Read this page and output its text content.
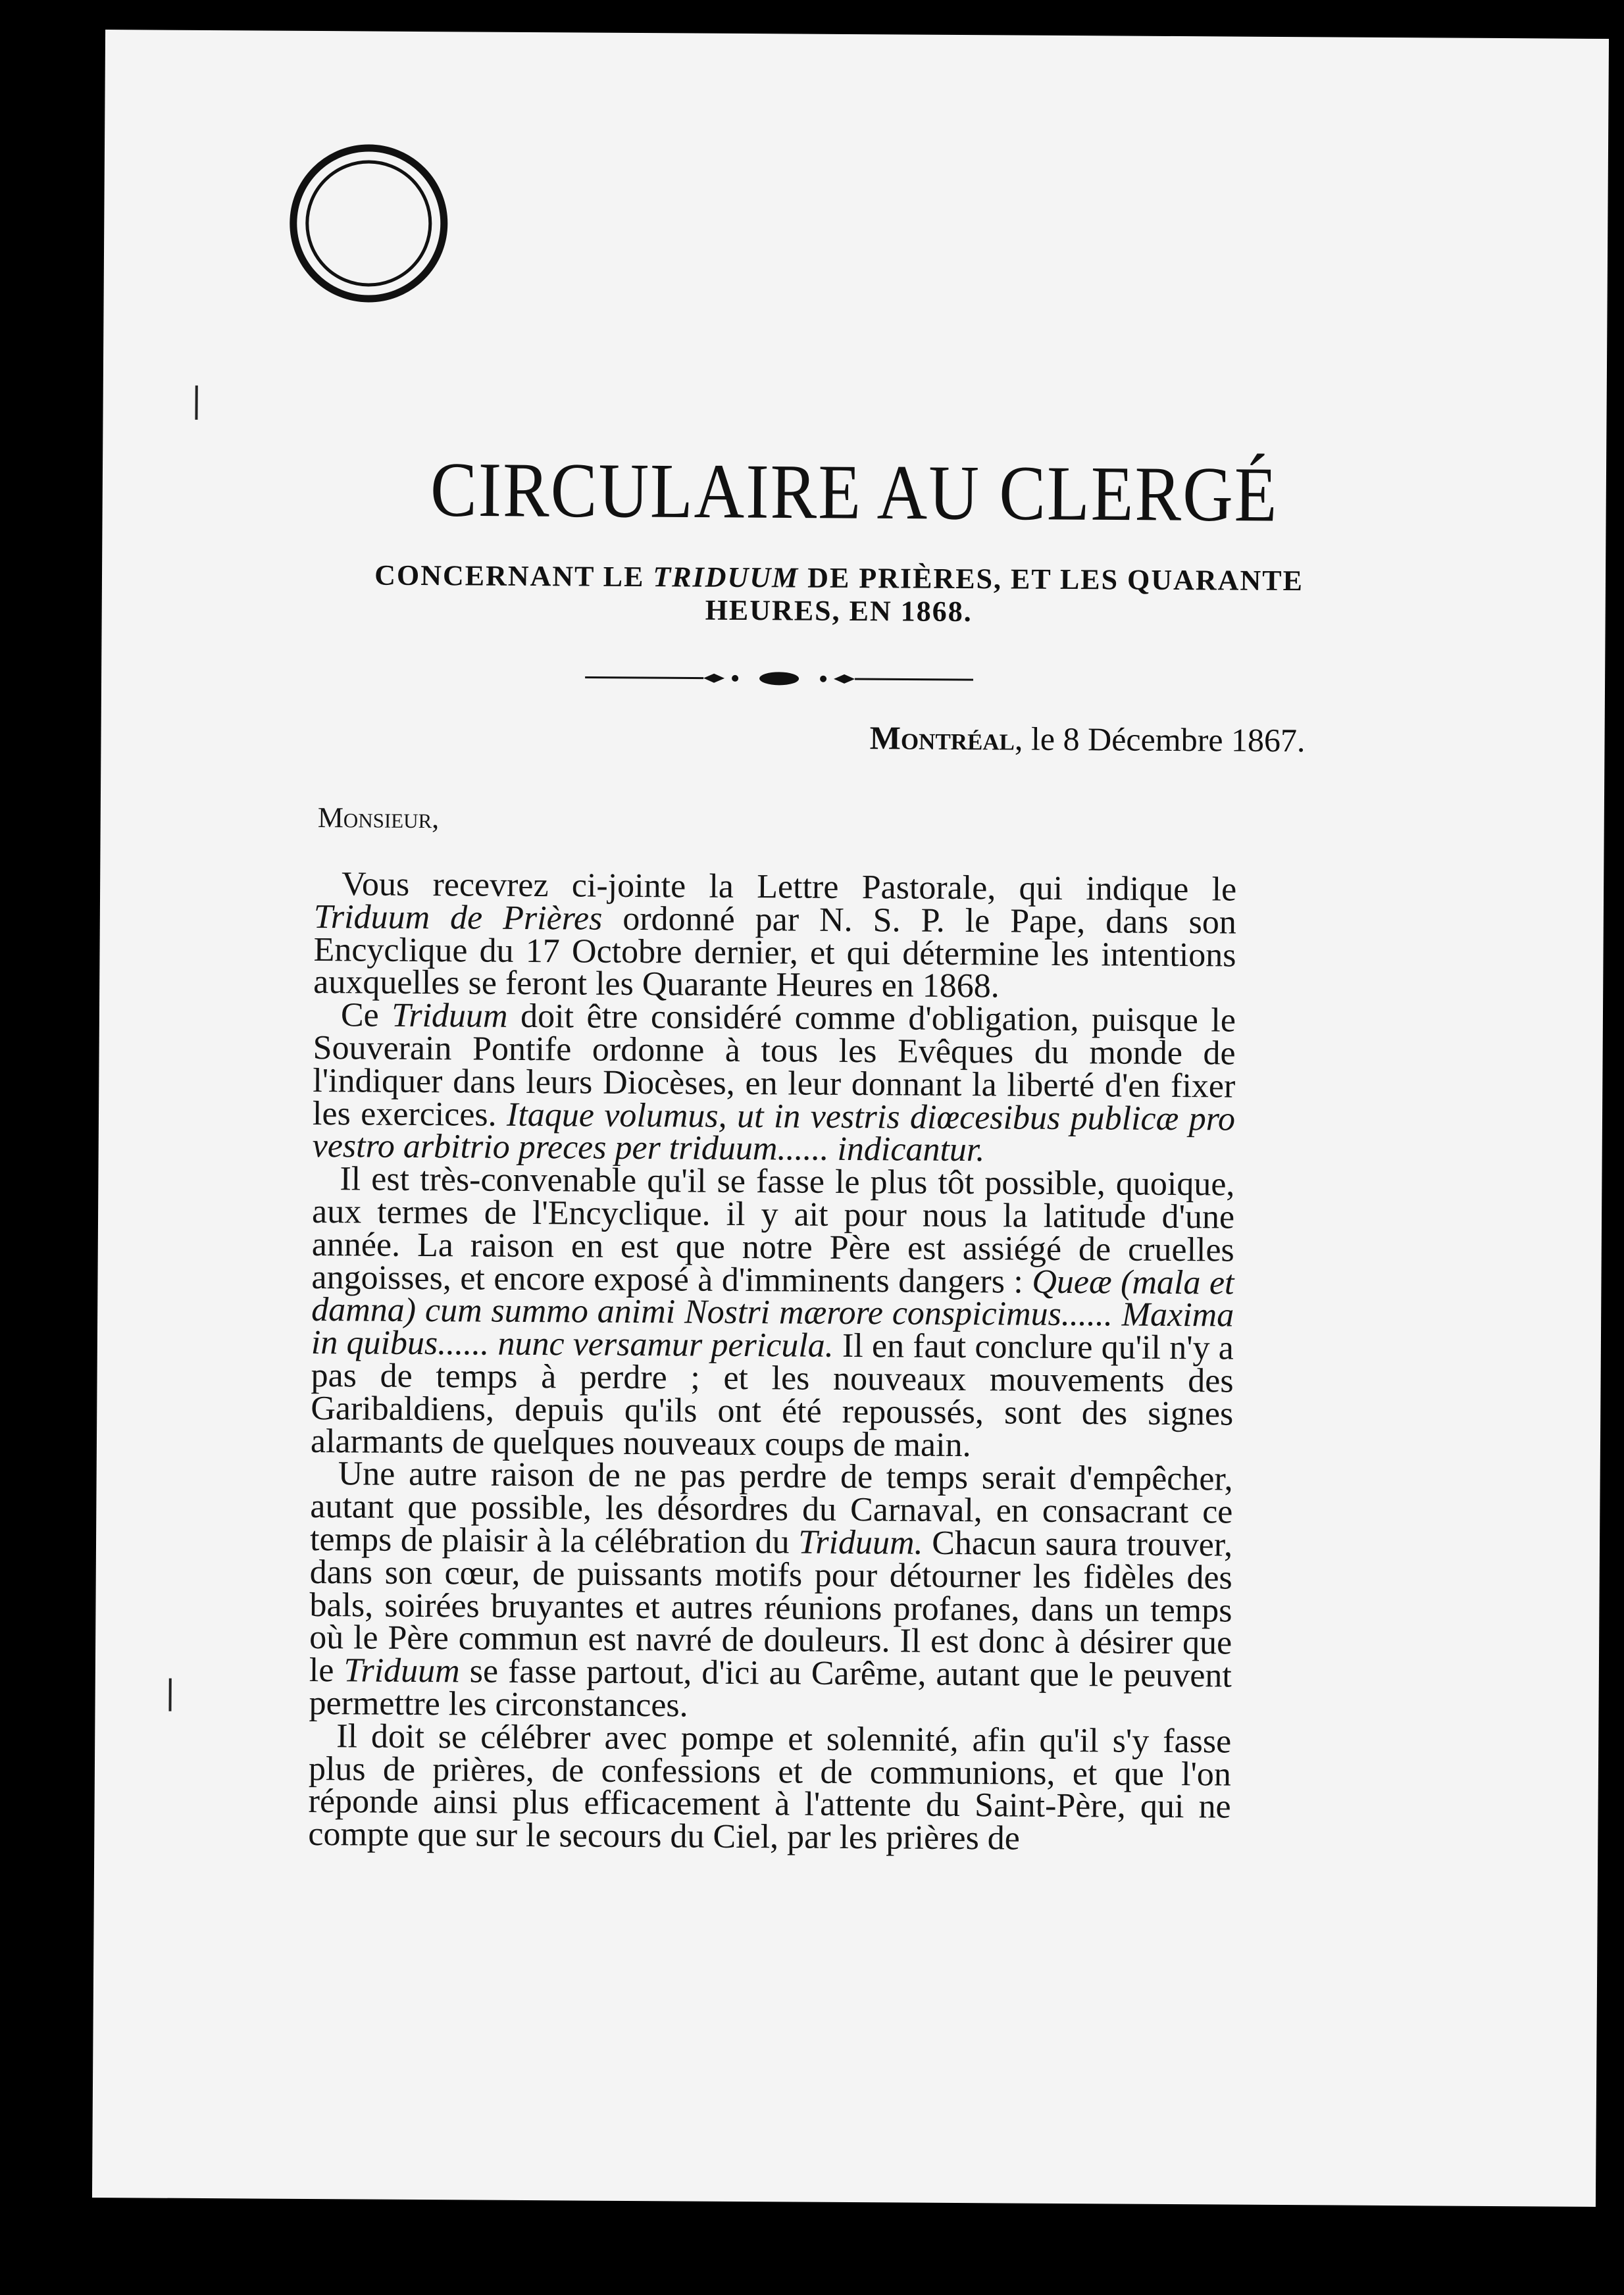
CIRCULAIRE AU CLERGÉ
CONCERNANT LE TRIDUUM DE PRIÈRES, ET LES QUARANTE HEURES, EN 1868.
Montréal, le 8 Décembre 1867.
Monsieur,

Vous recevrez ci-jointe la Lettre Pastorale, qui indique le Triduum de Prières ordonné par N. S. P. le Pape, dans son Encyclique du 17 Octobre dernier, et qui détermine les intentions auxquelles se feront les Quarante Heures en 1868.

Ce Triduum doit être considéré comme d'obligation, puisque le Souverain Pontife ordonne à tous les Evêques du monde de l'indiquer dans leurs Diocèses, en leur donnant la liberté d'en fixer les exercices. Itaque volumus, ut in vestris diœcesibus publicæ pro vestro arbitrio preces per triduum...... indicantur.

Il est très-convenable qu'il se fasse le plus tôt possible, quoique, aux termes de l'Encyclique. il y ait pour nous la latitude d'une année. La raison en est que notre Père est assiégé de cruelles angoisses, et encore exposé à d'imminents dangers : Queæ (mala et damna) cum summo animi Nostri mærore conspicimus...... Maxima in quibus...... nunc versamur pericula. Il en faut conclure qu'il n'y a pas de temps à perdre ; et les nouveaux mouvements des Garibaldiens, depuis qu'ils ont été repoussés, sont des signes alarmants de quelques nouveaux coups de main.

Une autre raison de ne pas perdre de temps serait d'empêcher, autant que possible, les désordres du Carnaval, en consacrant ce temps de plaisir à la célébration du Triduum. Chacun saura trouver, dans son cœur, de puissants motifs pour détourner les fidèles des bals, soirées bruyantes et autres réunions profanes, dans un temps où le Père commun est navré de douleurs. Il est donc à désirer que le Triduum se fasse partout, d'ici au Carême, autant que le peuvent permettre les circonstances.

Il doit se célébrer avec pompe et solennité, afin qu'il s'y fasse plus de prières, de confessions et de communions, et que l'on réponde ainsi plus efficacement à l'attente du Saint-Père, qui ne compte que sur le secours du Ciel, par les prières de
